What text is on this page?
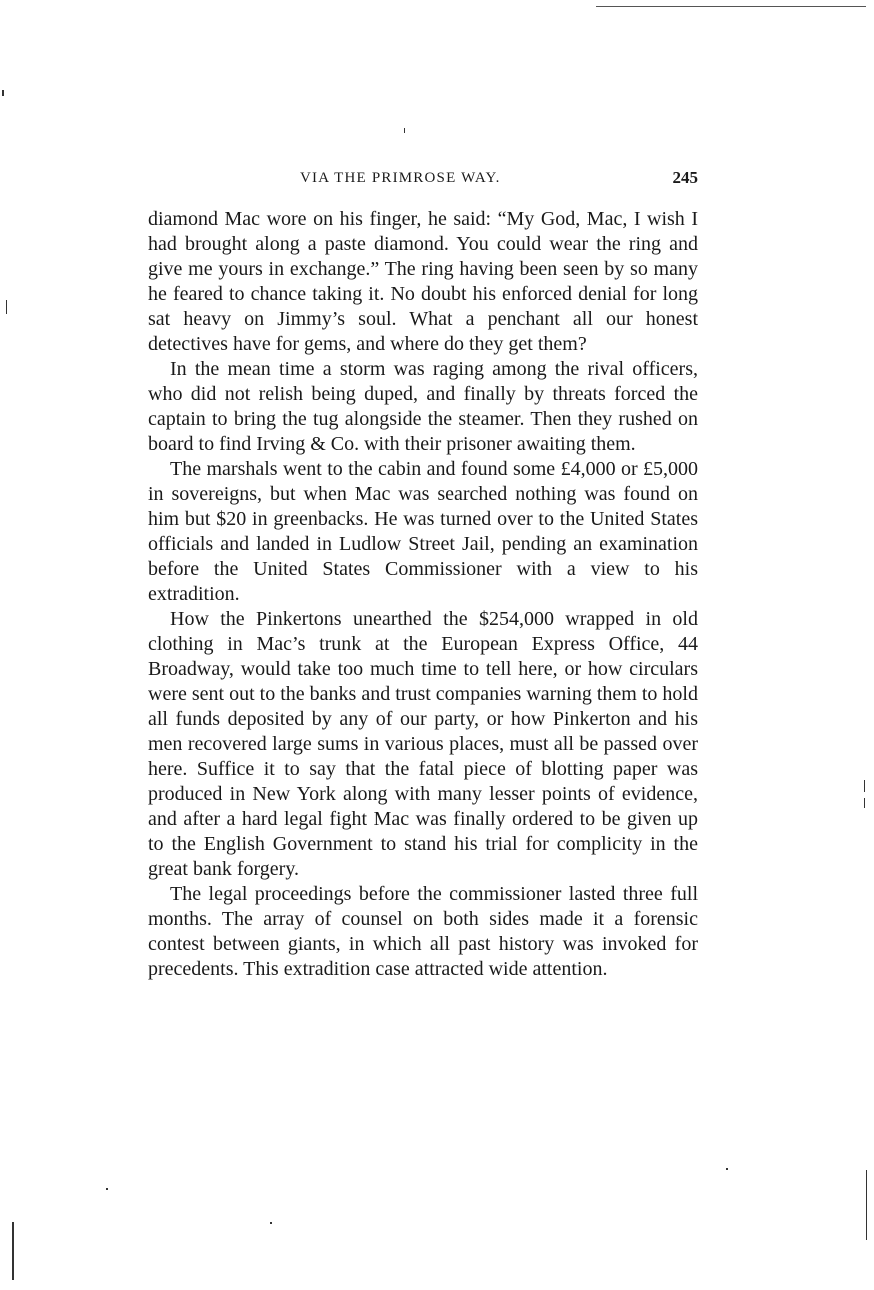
VIA THE PRIMROSE WAY.	245

diamond Mac wore on his finger, he said: “My God, Mac, I wish I had brought along a paste diamond. You could wear the ring and give me yours in exchange.” The ring having been seen by so many he feared to chance taking it. No doubt his enforced denial for long sat heavy on Jimmy’s soul. What a penchant all our honest detectives have for gems, and where do they get them?

In the mean time a storm was raging among the rival officers, who did not relish being duped, and finally by threats forced the captain to bring the tug alongside the steamer. Then they rushed on board to find Irving & Co. with their prisoner awaiting them.

The marshals went to the cabin and found some £4,000 or £5,000 in sovereigns, but when Mac was searched nothing was found on him but $20 in greenbacks. He was turned over to the United States officials and landed in Ludlow Street Jail, pending an examination before the United States Commissioner with a view to his extradition.

How the Pinkertons unearthed the $254,000 wrapped in old clothing in Mac’s trunk at the European Express Office, 44 Broadway, would take too much time to tell here, or how circulars were sent out to the banks and trust companies warning them to hold all funds deposited by any of our party, or how Pinkerton and his men recovered large sums in various places, must all be passed over here. Suffice it to say that the fatal piece of blotting paper was produced in New York along with many lesser points of evidence, and after a hard legal fight Mac was finally ordered to be given up to the English Government to stand his trial for complicity in the great bank forgery.

The legal proceedings before the commissioner lasted three full months. The array of counsel on both sides made it a forensic contest between giants, in which all past history was invoked for precedents. This extradition case attracted wide attention.
